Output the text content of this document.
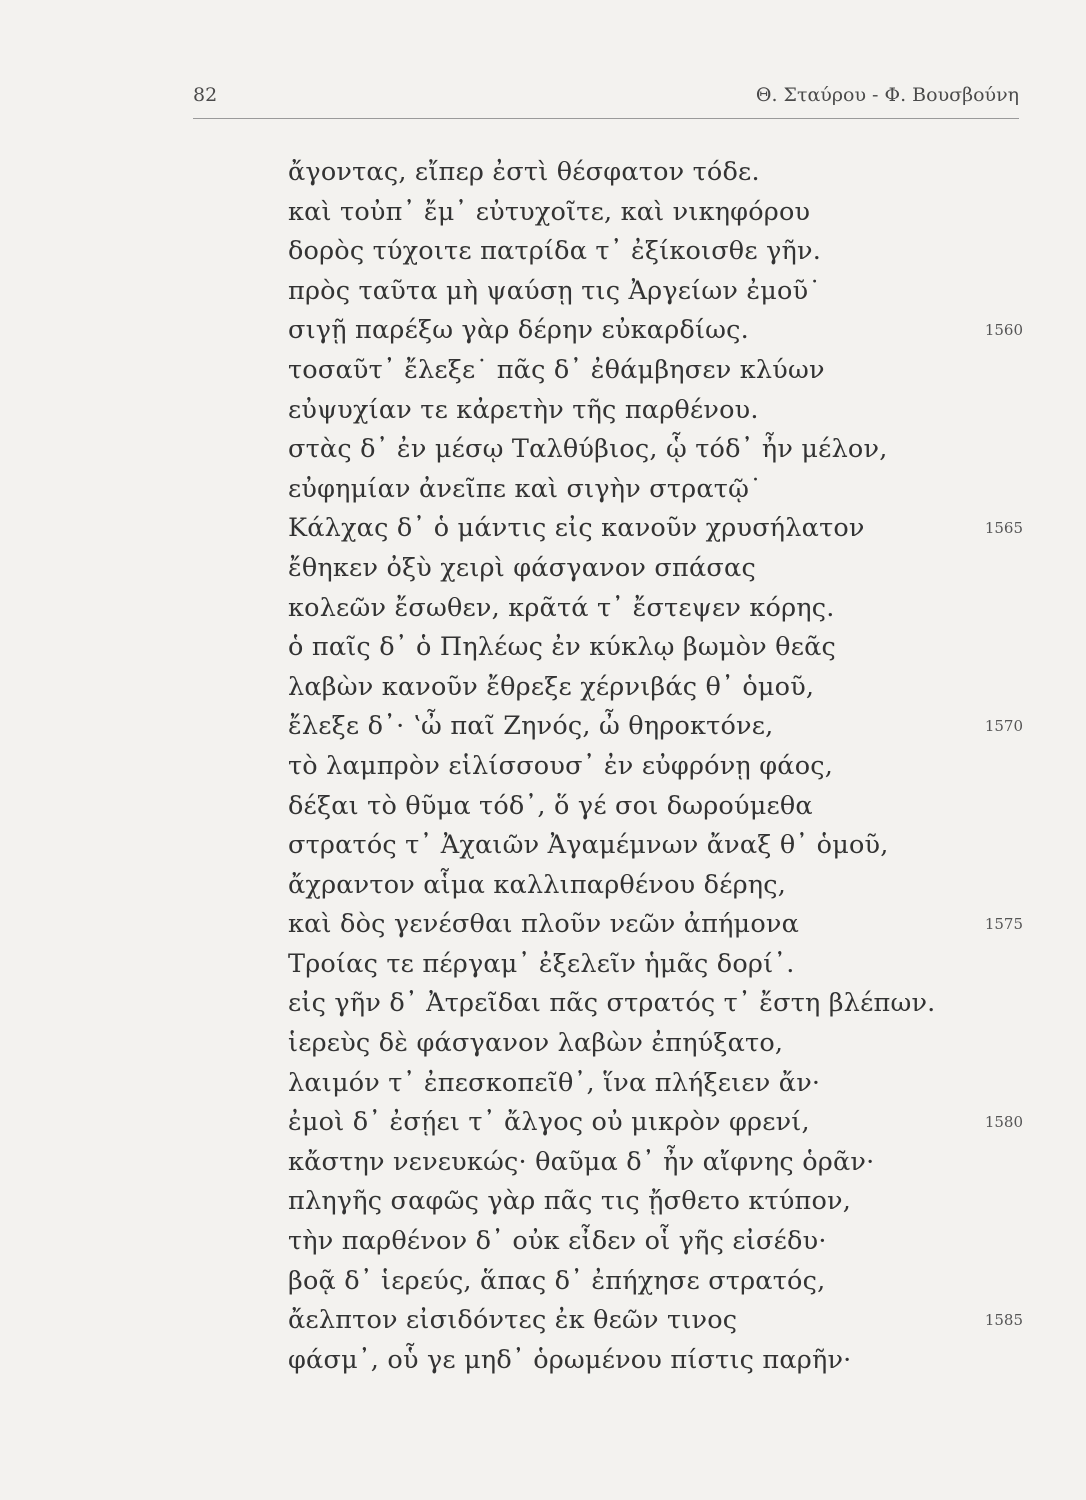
82	Θ. Σταύρου - Φ. Βουσβούνη
ἄγοντας, εἴπερ ἐστὶ θέσφατον τόδε.
καὶ τοὐπ᾽ ἔμ᾽ εὐτυχοῖτε, καὶ νικηφόρου
δορὸς τύχοιτε πατρίδα τ᾽ ἐξίκοισθε γῆν.
πρὸς ταῦτα μὴ ψαύσῃ τις Ἀργείων ἐμοῦ˙
σιγῇ παρέξω γὰρ δέρην εὐκαρδίως.	1560
τοσαῦτ᾽ ἔλεξε˙ πᾶς δ᾽ ἐθάμβησεν κλύων
εὐψυχίαν τε κἀρετὴν τῆς παρθένου.
στὰς δ᾽ ἐν μέσῳ Ταλθύβιος, ᾧ τόδ᾽ ἦν μέλον,
εὐφημίαν ἀνεῖπε καὶ σιγὴν στρατῷ˙
Κάλχας δ᾽ ὁ μάντις εἰς κανοῦν χρυσήλατον	1565
ἔθηκεν ὀξὺ χειρὶ φάσγανον σπάσας
κολεῶν ἔσωθεν, κρᾶτά τ᾽ ἔστεψεν κόρης.
ὁ παῖς δ᾽ ὁ Πηλέως ἐν κύκλῳ βωμὸν θεᾶς
λαβὼν κανοῦν ἔθρεξε χέρνιβάς θ᾽ ὁμοῦ,
ἔλεξε δ᾽· ʽὦ παῖ Ζηνός, ὦ θηροκτόνε,	1570
τὸ λαμπρὸν εἱλίσσουσ᾽ ἐν εὐφρόνῃ φάος,
δέξαι τὸ θῦμα τόδ᾽, ὅ γέ σοι δωρούμεθα
στρατός τ᾽ Ἀχαιῶν Ἀγαμέμνων ἄναξ θ᾽ ὁμοῦ,
ἄχραντον αἷμα καλλιπαρθένου δέρης,
καὶ δὸς γενέσθαι πλοῦν νεῶν ἀπήμονα	1575
Τροίας τε πέργαμ᾽ ἐξελεῖν ἡμᾶς δορί᾽.
εἰς γῆν δ᾽ Ἀτρεῖδαι πᾶς στρατός τ᾽ ἔστη βλέπων.
ἱερεὺς δὲ φάσγανον λαβὼν ἐπηύξατο,
λαιμόν τ᾽ ἐπεσκοπεῖθ᾽, ἵνα πλήξειεν ἄν·
ἐμοὶ δ᾽ ἐσῄει τ᾽ ἄλγος οὐ μικρὸν φρενί,	1580
κἄστην νενευκώς· θαῦμα δ᾽ ἦν αἴφνης ὁρᾶν·
πληγῆς σαφῶς γὰρ πᾶς τις ᾔσθετο κτύπον,
τὴν παρθένον δ᾽ οὐκ εἶδεν οἷ γῆς εἰσέδυ·
βοᾷ δ᾽ ἱερεύς, ἅπας δ᾽ ἐπήχησε στρατός,
ἄελπτον εἰσιδόντες ἐκ θεῶν τινος	1585
φάσμ᾽, οὗ γε μηδ᾽ ὁρωμένου πίστις παρῆν·
